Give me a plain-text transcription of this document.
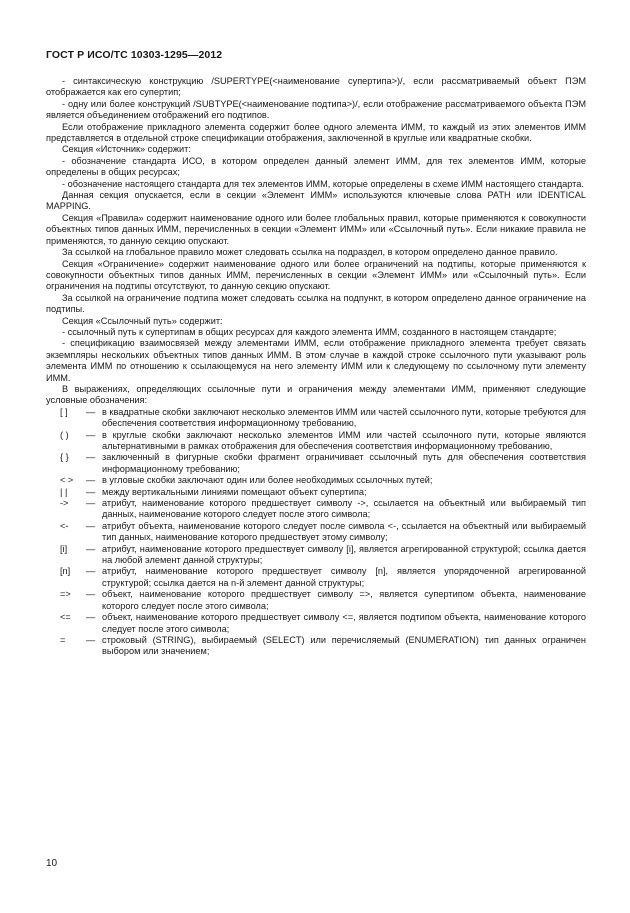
ГОСТ Р ИСО/ТС 10303-1295—2012

- синтаксическую конструкцию /SUPERTYPE(<наименование супертипа>)/, если рассматриваемый объект ПЭМ отображается как его супертип;

- одну или более конструкций /SUBTYPE(<наименование подтипа>)/, если отображение рассматриваемого объекта ПЭМ является объединением отображений его подтипов.

Если отображение прикладного элемента содержит более одного элемента ИММ, то каждый из этих элементов ИММ представляется в отдельной строке спецификации отображения, заключенной в круглые или квадратные скобки.

Секция «Источник» содержит:

- обозначение стандарта ИСО, в котором определен данный элемент ИММ, для тех элементов ИММ, которые определены в общих ресурсах;

- обозначение настоящего стандарта для тех элементов ИММ, которые определены в схеме ИММ настоящего стандарта.

Данная секция опускается, если в секции «Элемент ИММ» используются ключевые слова PATH или IDENTICAL MAPPING.

Секция «Правила» содержит наименование одного или более глобальных правил, которые применяются к совокупности объектных типов данных ИММ, перечисленных в секции «Элемент ИММ» или «Ссылочный путь». Если никакие правила не применяются, то данную секцию опускают.

За ссылкой на глобальное правило может следовать ссылка на подраздел, в котором определено данное правило.

Секция «Ограничение» содержит наименование одного или более ограничений на подтипы, которые применяются к совокупности объектных типов данных ИММ, перечисленных в секции «Элемент ИММ» или «Ссылочный путь». Если ограничения на подтипы отсутствуют, то данную секцию опускают.

За ссылкой на ограничение подтипа может следовать ссылка на подпункт, в котором определено данное ограничение на подтипы.

Секция «Ссылочный путь» содержит:

- ссылочный путь к супертипам в общих ресурсах для каждого элемента ИММ, созданного в настоящем стандарте;

- спецификацию взаимосвязей между элементами ИММ, если отображение прикладного элемента требует связать экземпляры нескольких объектных типов данных ИММ. В этом случае в каждой строке ссылочного пути указывают роль элемента ИММ по отношению к ссылающемуся на него элементу ИММ или к следующему по ссылочному пути элементу ИММ.

В выражениях, определяющих ссылочные пути и ограничения между элементами ИММ, применяют следующие условные обозначения:

[ ]	— в квадратные скобки заключают несколько элементов ИММ или частей ссылочного пути, которые требуются для обеспечения соответствия информационному требованию,
( )	— в круглые скобки заключают несколько элементов ИММ или частей ссылочного пути, которые являются альтернативными в рамках отображения для обеспечения соответствия информационному требованию,
{ }	— заключенный в фигурные скобки фрагмент ограничивает ссылочный путь для обеспечения соответствия информационному требованию;
< >	— в угловые скобки заключают один или более необходимых ссылочных путей;
| |	— между вертикальными линиями помещают объект супертипа;
->	— атрибут, наименование которого предшествует символу ->, ссылается на объектный или выбираемый тип данных, наименование которого следует после этого символа;
<-	— атрибут объекта, наименование которого следует после символа <-, ссылается на объектный или выбираемый тип данных, наименование которого предшествует этому символу;
[i]	— атрибут, наименование которого предшествует символу [i], является агрегированной структурой; ссылка дается на любой элемент данной структуры;
[n]	— атрибут, наименование которого предшествует символу [n], является упорядоченной агрегированной структурой; ссылка дается на n-й элемент данной структуры;
=>	— объект, наименование которого предшествует символу =>, является супертипом объекта, наименование которого следует после этого символа;
<=	— объект, наименование которого предшествует символу <=, является подтипом объекта, наименование которого следует после этого символа;
=	— строковый (STRING), выбираемый (SELECT) или перечисляемый (ENUMERATION) тип данных ограничен выбором или значением;
10
